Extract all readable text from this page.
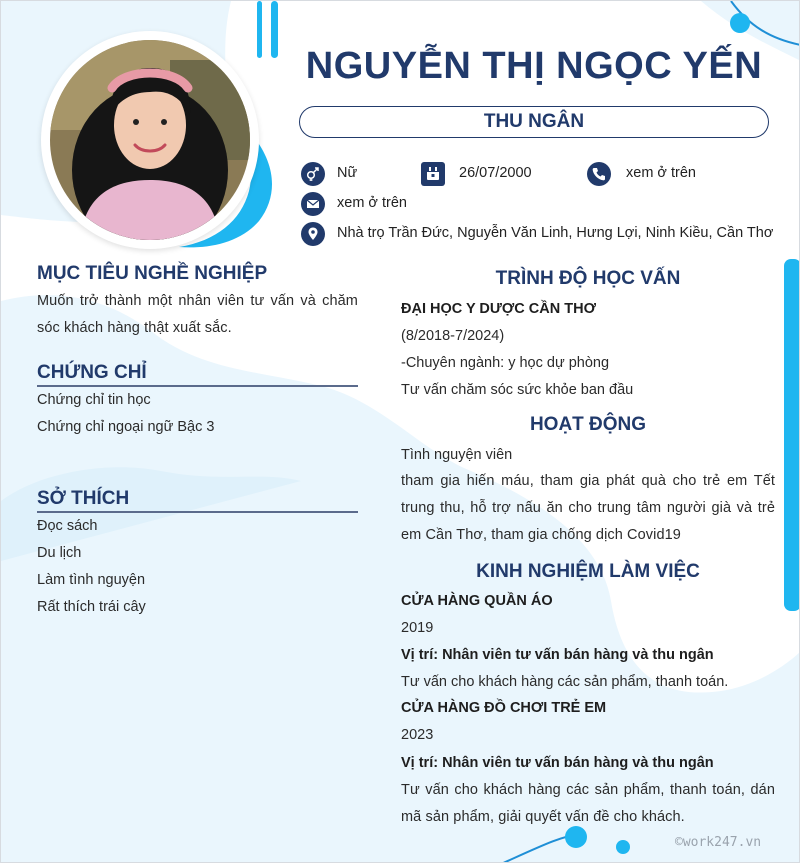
NGUYỄN THỊ NGỌC YẾN
THU NGÂN
Nữ	26/07/2000	xem ở trên
xem ở trên
Nhà trọ Trần Đức, Nguyễn Văn Linh, Hưng Lợi, Ninh Kiều, Cần Thơ
MỤC TIÊU NGHỀ NGHIỆP
Muốn trở thành một nhân viên tư vấn và chăm sóc khách hàng thật xuất sắc.
CHỨNG CHỈ
Chứng chỉ tin học
Chứng chỉ ngoại ngữ Bậc 3
SỞ THÍCH
Đọc sách
Du lịch
Làm tình nguyện
Rất thích trái cây
TRÌNH ĐỘ HỌC VẤN
ĐẠI HỌC Y DƯỢC CẦN THƠ
(8/2018-7/2024)
-Chuyên ngành: y học dự phòng
Tư vấn chăm sóc sức khỏe ban đầu
HOẠT ĐỘNG
Tình nguyện viên
tham gia hiến máu, tham gia phát quà cho trẻ em Tết trung thu, hỗ trợ nấu ăn cho trung tâm người già và trẻ em Cần Thơ, tham gia chống dịch Covid19
KINH NGHIỆM LÀM VIỆC
CỬA HÀNG QUẦN ÁO
2019
Vị trí: Nhân viên tư vấn bán hàng và thu ngân
Tư vấn cho khách hàng các sản phẩm, thanh toán.
CỬA HÀNG ĐỒ CHƠI TRẺ EM
2023
Vị trí: Nhân viên tư vấn bán hàng và thu ngân
Tư vấn cho khách hàng các sản phẩm, thanh toán, dán mã sản phẩm, giải quyết vấn đề cho khách.
©work247.vn
